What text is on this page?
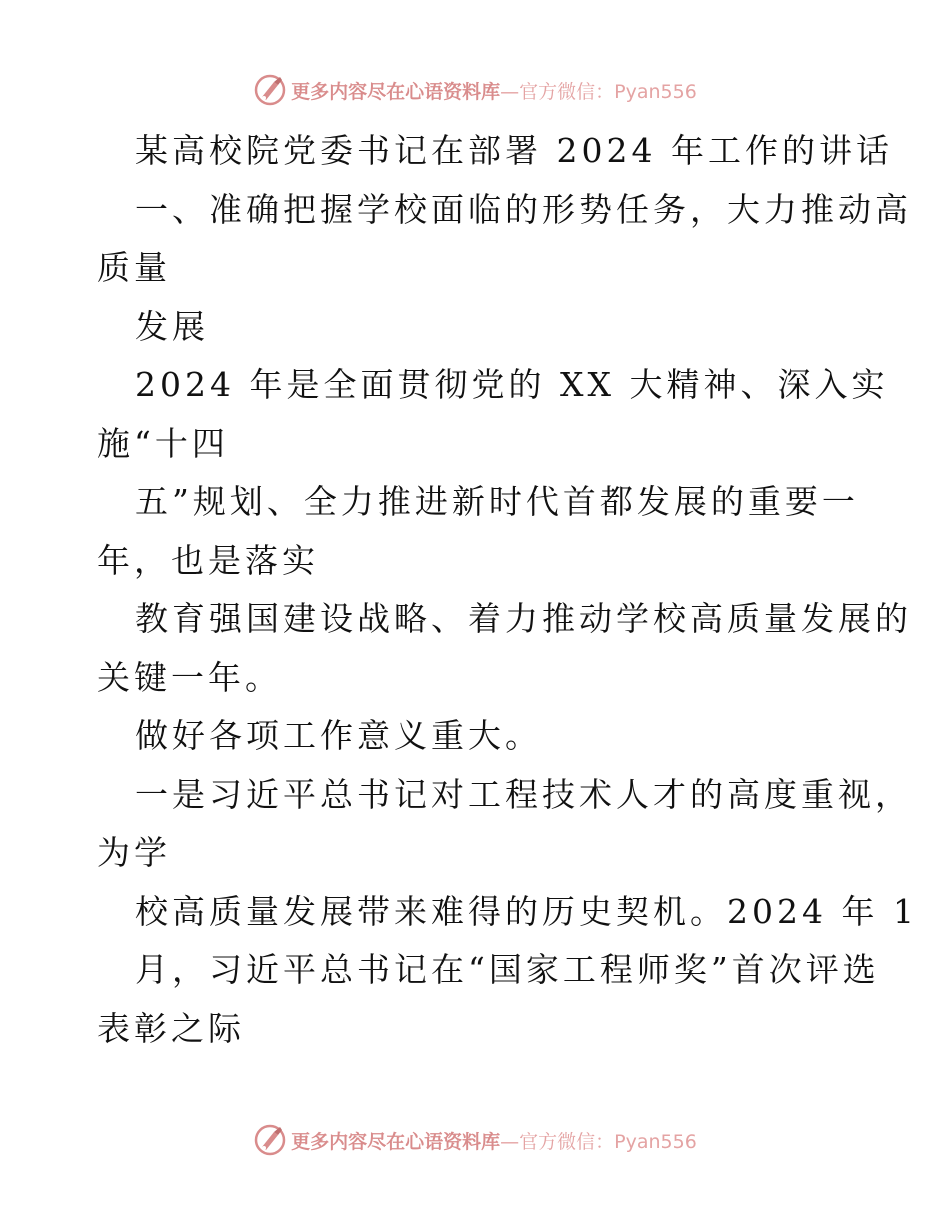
更多内容尽在心语资料库—官方微信：Pyan556
某高校院党委书记在部署 2024 年工作的讲话
一、准确把握学校面临的形势任务，大力推动高
质量
发展
2024 年是全面贯彻党的 XX 大精神、深入实
施“十四
五”规划、全力推进新时代首都发展的重要一
年，也是落实
教育强国建设战略、着力推动学校高质量发展的
关键一年。
做好各项工作意义重大。
一是习近平总书记对工程技术人才的高度重视，
为学
校高质量发展带来难得的历史契机。2024 年 1
月，习近平总书记在“国家工程师奖”首次评选
表彰之际
更多内容尽在心语资料库—官方微信：Pyan556
